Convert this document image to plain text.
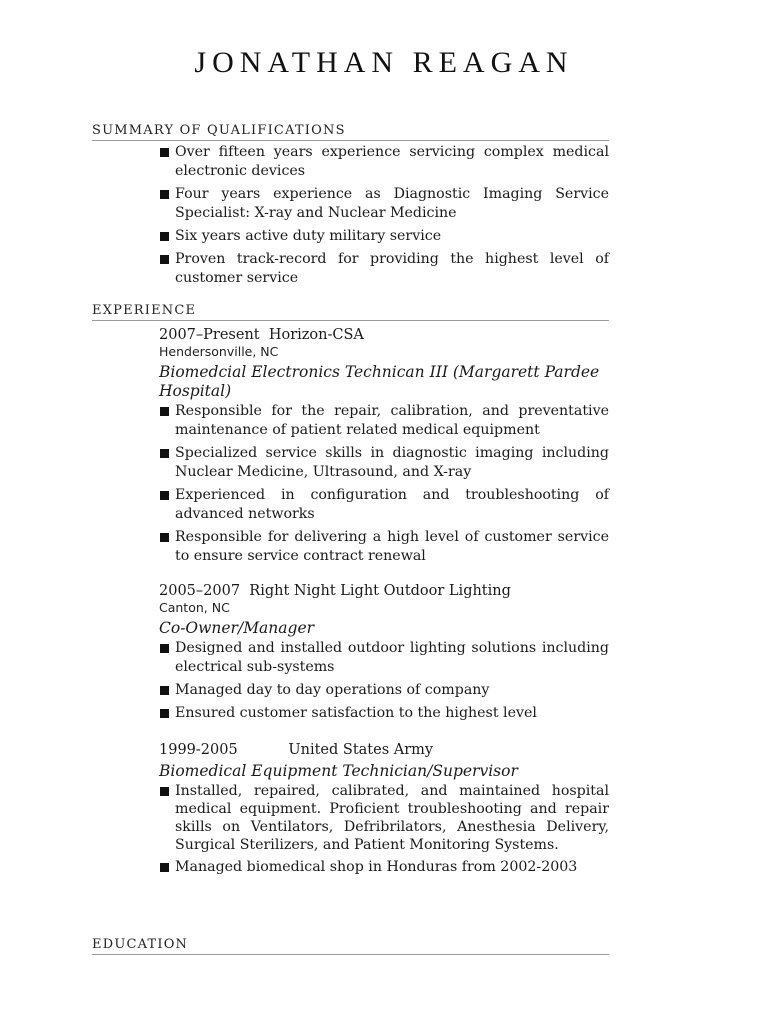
JONATHAN REAGAN
SUMMARY OF QUALIFICATIONS
Over fifteen years experience servicing complex medical electronic devices
Four years experience as Diagnostic Imaging Service Specialist: X-ray and Nuclear Medicine
Six years active duty military service
Proven track-record for providing the highest level of customer service
EXPERIENCE
2007–Present  Horizon-CSA
Hendersonville, NC
Biomedcial Electronics Technican III (Margarett Pardee Hospital)
Responsible for the repair, calibration, and preventative maintenance of patient related medical equipment
Specialized service skills in diagnostic imaging including Nuclear Medicine, Ultrasound, and X-ray
Experienced in configuration and troubleshooting of advanced networks
Responsible for delivering a high level of customer service to ensure service contract renewal
2005–2007  Right Night Light Outdoor Lighting
Canton, NC
Co-Owner/Manager
Designed and installed outdoor lighting solutions including electrical sub-systems
Managed day to day operations of company
Ensured customer satisfaction to the highest level
1999-2005           United States Army
Biomedical Equipment Technician/Supervisor
Installed, repaired, calibrated, and maintained hospital medical equipment. Proficient troubleshooting and repair skills on Ventilators, Defribrilators, Anesthesia Delivery, Surgical Sterilizers, and Patient Monitoring Systems.
Managed biomedical shop in Honduras from 2002-2003
EDUCATION
